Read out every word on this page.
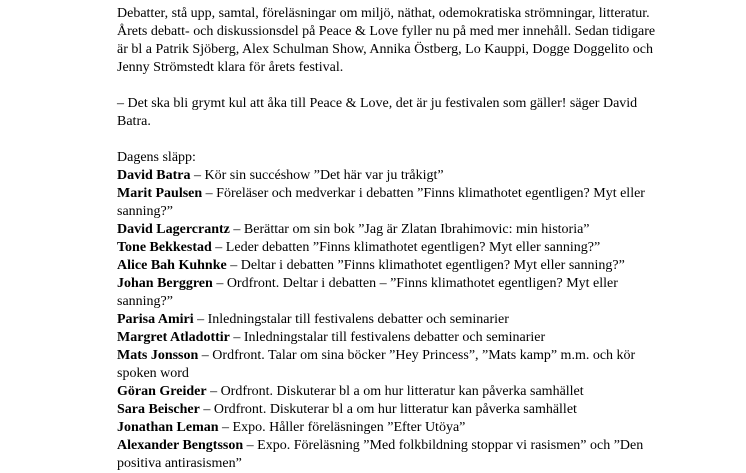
Debatter, stå upp, samtal, föreläsningar om miljö, näthat, odemokratiska strömningar, litteratur. Årets debatt- och diskussionsdel på Peace & Love fyller nu på med mer innehåll. Sedan tidigare är bl a Patrik Sjöberg, Alex Schulman Show, Annika Östberg, Lo Kauppi, Dogge Doggelito och Jenny Strömstedt klara för årets festival.

– Det ska bli grymt kul att åka till Peace & Love, det är ju festivalen som gäller! säger David Batra.

Dagens släpp:

David Batra – Kör sin succéshow ”Det här var ju tråkigt”

Marit Paulsen – Föreläser och medverkar i debatten ”Finns klimathotet egentligen? Myt eller sanning?”

David Lagercrantz – Berättar om sin bok ”Jag är Zlatan Ibrahimovic: min historia”

Tone Bekkestad – Leder debatten ”Finns klimathotet egentligen? Myt eller sanning?”

Alice Bah Kuhnke – Deltar i debatten ”Finns klimathotet egentligen? Myt eller sanning?”

Johan Berggren – Ordfront. Deltar i debatten – ”Finns klimathotet egentligen? Myt eller sanning?”

Parisa Amiri – Inledningstalar till festivalens debatter och seminarier

Margret Atladottir – Inledningstalar till festivalens debatter och seminarier

Mats Jonsson – Ordfront. Talar om sina böcker ”Hey Princess”, ”Mats kamp” m.m. och kör spoken word

Göran Greider – Ordfront. Diskuterar bl a om hur litteratur kan påverka samhället

Sara Beischer – Ordfront. Diskuterar bl a om hur litteratur kan påverka samhället

Jonathan Leman – Expo. Håller föreläsningen ”Efter Utöya”

Alexander Bengtsson – Expo. Föreläsning ”Med folkbildning stoppar vi rasismen” och ”Den positiva antirasismen”
